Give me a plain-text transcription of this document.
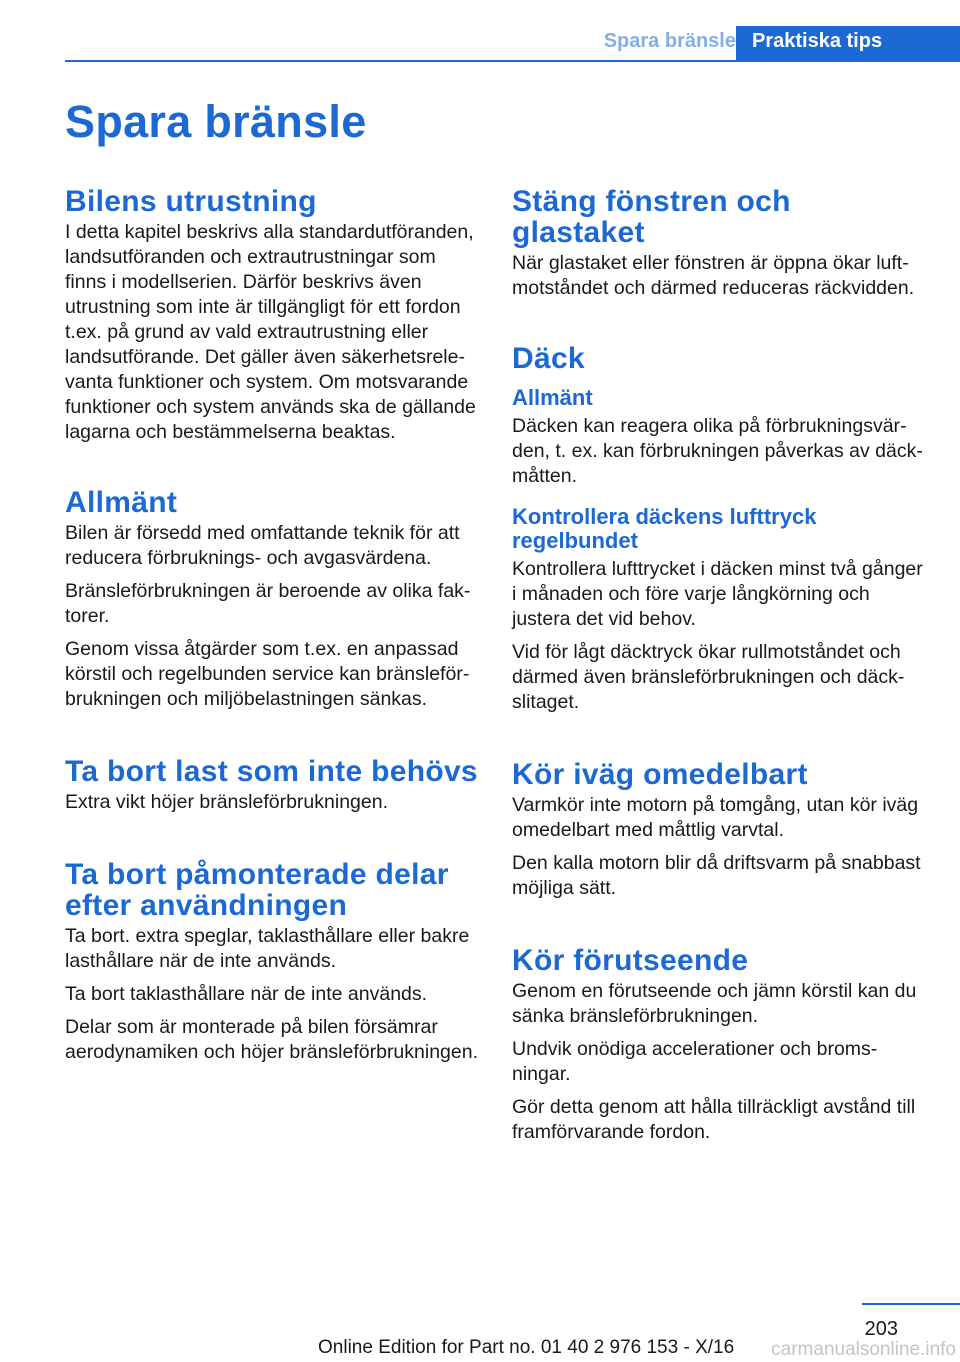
Spara bränsle Praktiska tips
Spara bränsle
Bilens utrustning

I detta kapitel beskrivs alla standardutföranden, landsutföranden och extrautrustningar som finns i modellserien. Därför beskrivs även utrustning som inte är tillgängligt för ett fordon t.ex. på grund av vald extrautrustning eller landsutförande. Det gäller även säkerhetsrelevanta funktioner och system. Om motsvarande funktioner och system används ska de gällande lagarna och bestämmelserna beaktas.

Allmänt

Bilen är försedd med omfattande teknik för att reducera förbruknings- och avgasvärdena.

Bränsleförbrukningen är beroende av olika faktorer.

Genom vissa åtgärder som t.ex. en anpassad körstil och regelbunden service kan bränsleförbrukningen och miljöbelastningen sänkas.

Ta bort last som inte behövs

Extra vikt höjer bränsleförbrukningen.

Ta bort påmonterade delar efter användningen

Ta bort. extra speglar, taklasthållare eller bakre lasthållare när de inte används.

Ta bort taklasthållare när de inte används.

Delar som är monterade på bilen försämrar aerodynamiken och höjer bränsleförbrukningen.

Stäng fönstren och glastaket

När glastaket eller fönstren är öppna ökar luftmotståndet och därmed reduceras räckvidden.

Däck
Allmänt

Däcken kan reagera olika på förbrukningsvärden, t. ex. kan förbrukningen påverkas av däckmåtten.

Kontrollera däckens lufttryck regelbundet

Kontrollera lufttrycket i däcken minst två gånger i månaden och före varje långkörning och justera det vid behov.

Vid för lågt däcktryck ökar rullmotståndet och därmed även bränsleförbrukningen och däckslitaget.

Kör iväg omedelbart

Varmkör inte motorn på tomgång, utan kör iväg omedelbart med måttlig varvtal.

Den kalla motorn blir då driftsvarm på snabbast möjliga sätt.

Kör förutseende

Genom en förutseende och jämn körstil kan du sänka bränsleförbrukningen.

Undvik onödiga accelerationer och bromsningar.

Gör detta genom att hålla tillräckligt avstånd till framförvarande fordon.

203
Online Edition for Part no. 01 40 2 976 153 - X/16 carmanualsonline.info
